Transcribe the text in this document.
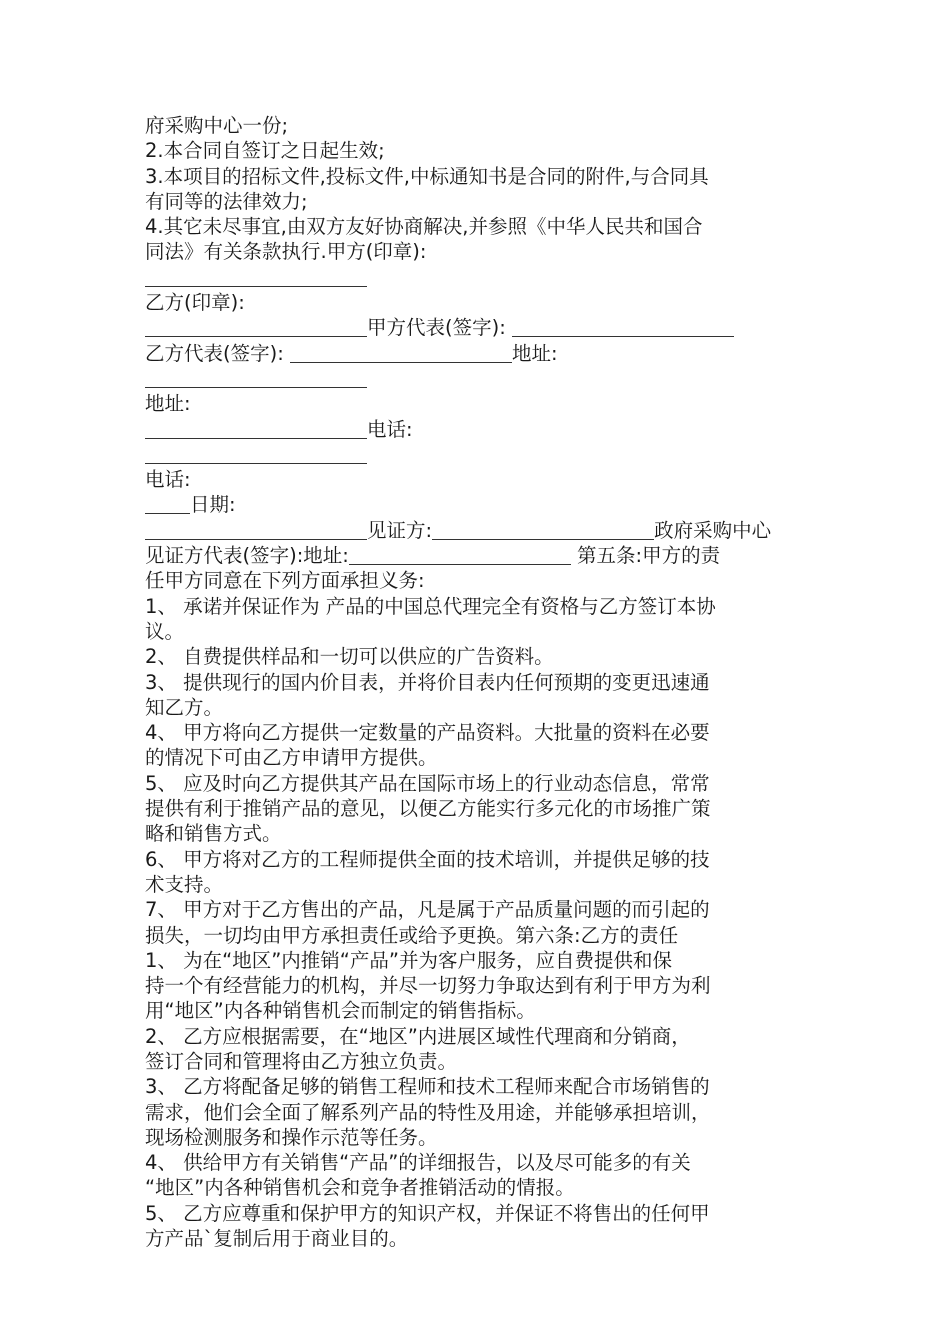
府采购中心一份;
2.本合同自签订之日起生效;
3.本项目的招标文件,投标文件,中标通知书是合同的附件,与合同具
有同等的法律效力;
4.其它未尽事宜,由双方友好协商解决,并参照《中华人民共和国合
同法》有关条款执行.甲方(印章):
乙方(印章):
甲方代表(签字):
乙方代表(签字):	地址:
地址:
电话:
电话:
日期:
见证方:	政府采购中心
见证方代表(签字):地址:	第五条:甲方的责
任甲方同意在下列方面承担义务:
1、 承诺并保证作为 产品的中国总代理完全有资格与乙方签订本协
议。
2、 自费提供样品和一切可以供应的广告资料。
3、 提供现行的国内价目表，并将价目表内任何预期的变更迅速通
知乙方。
4、 甲方将向乙方提供一定数量的产品资料。大批量的资料在必要
的情况下可由乙方申请甲方提供。
5、 应及时向乙方提供其产品在国际市场上的行业动态信息，常常
提供有利于推销产品的意见，以便乙方能实行多元化的市场推广策
略和销售方式。
6、 甲方将对乙方的工程师提供全面的技术培训，并提供足够的技
术支持。
7、 甲方对于乙方售出的产品，凡是属于产品质量问题的而引起的
损失，一切均由甲方承担责任或给予更换。第六条:乙方的责任
1、 为在“地区”内推销“产品”并为客户服务，应自费提供和保
持一个有经营能力的机构，并尽一切努力争取达到有利于甲方为利
用“地区”内各种销售机会而制定的销售指标。
2、 乙方应根据需要，在“地区”内进展区域性代理商和分销商，
签订合同和管理将由乙方独立负责。
3、 乙方将配备足够的销售工程师和技术工程师来配合市场销售的
需求，他们会全面了解系列产品的特性及用途，并能够承担培训，
现场检测服务和操作示范等任务。
4、 供给甲方有关销售“产品”的详细报告，以及尽可能多的有关
“地区”内各种销售机会和竞争者推销活动的情报。
5、 乙方应尊重和保护甲方的知识产权，并保证不将售出的任何甲
方产品`复制后用于商业目的。
